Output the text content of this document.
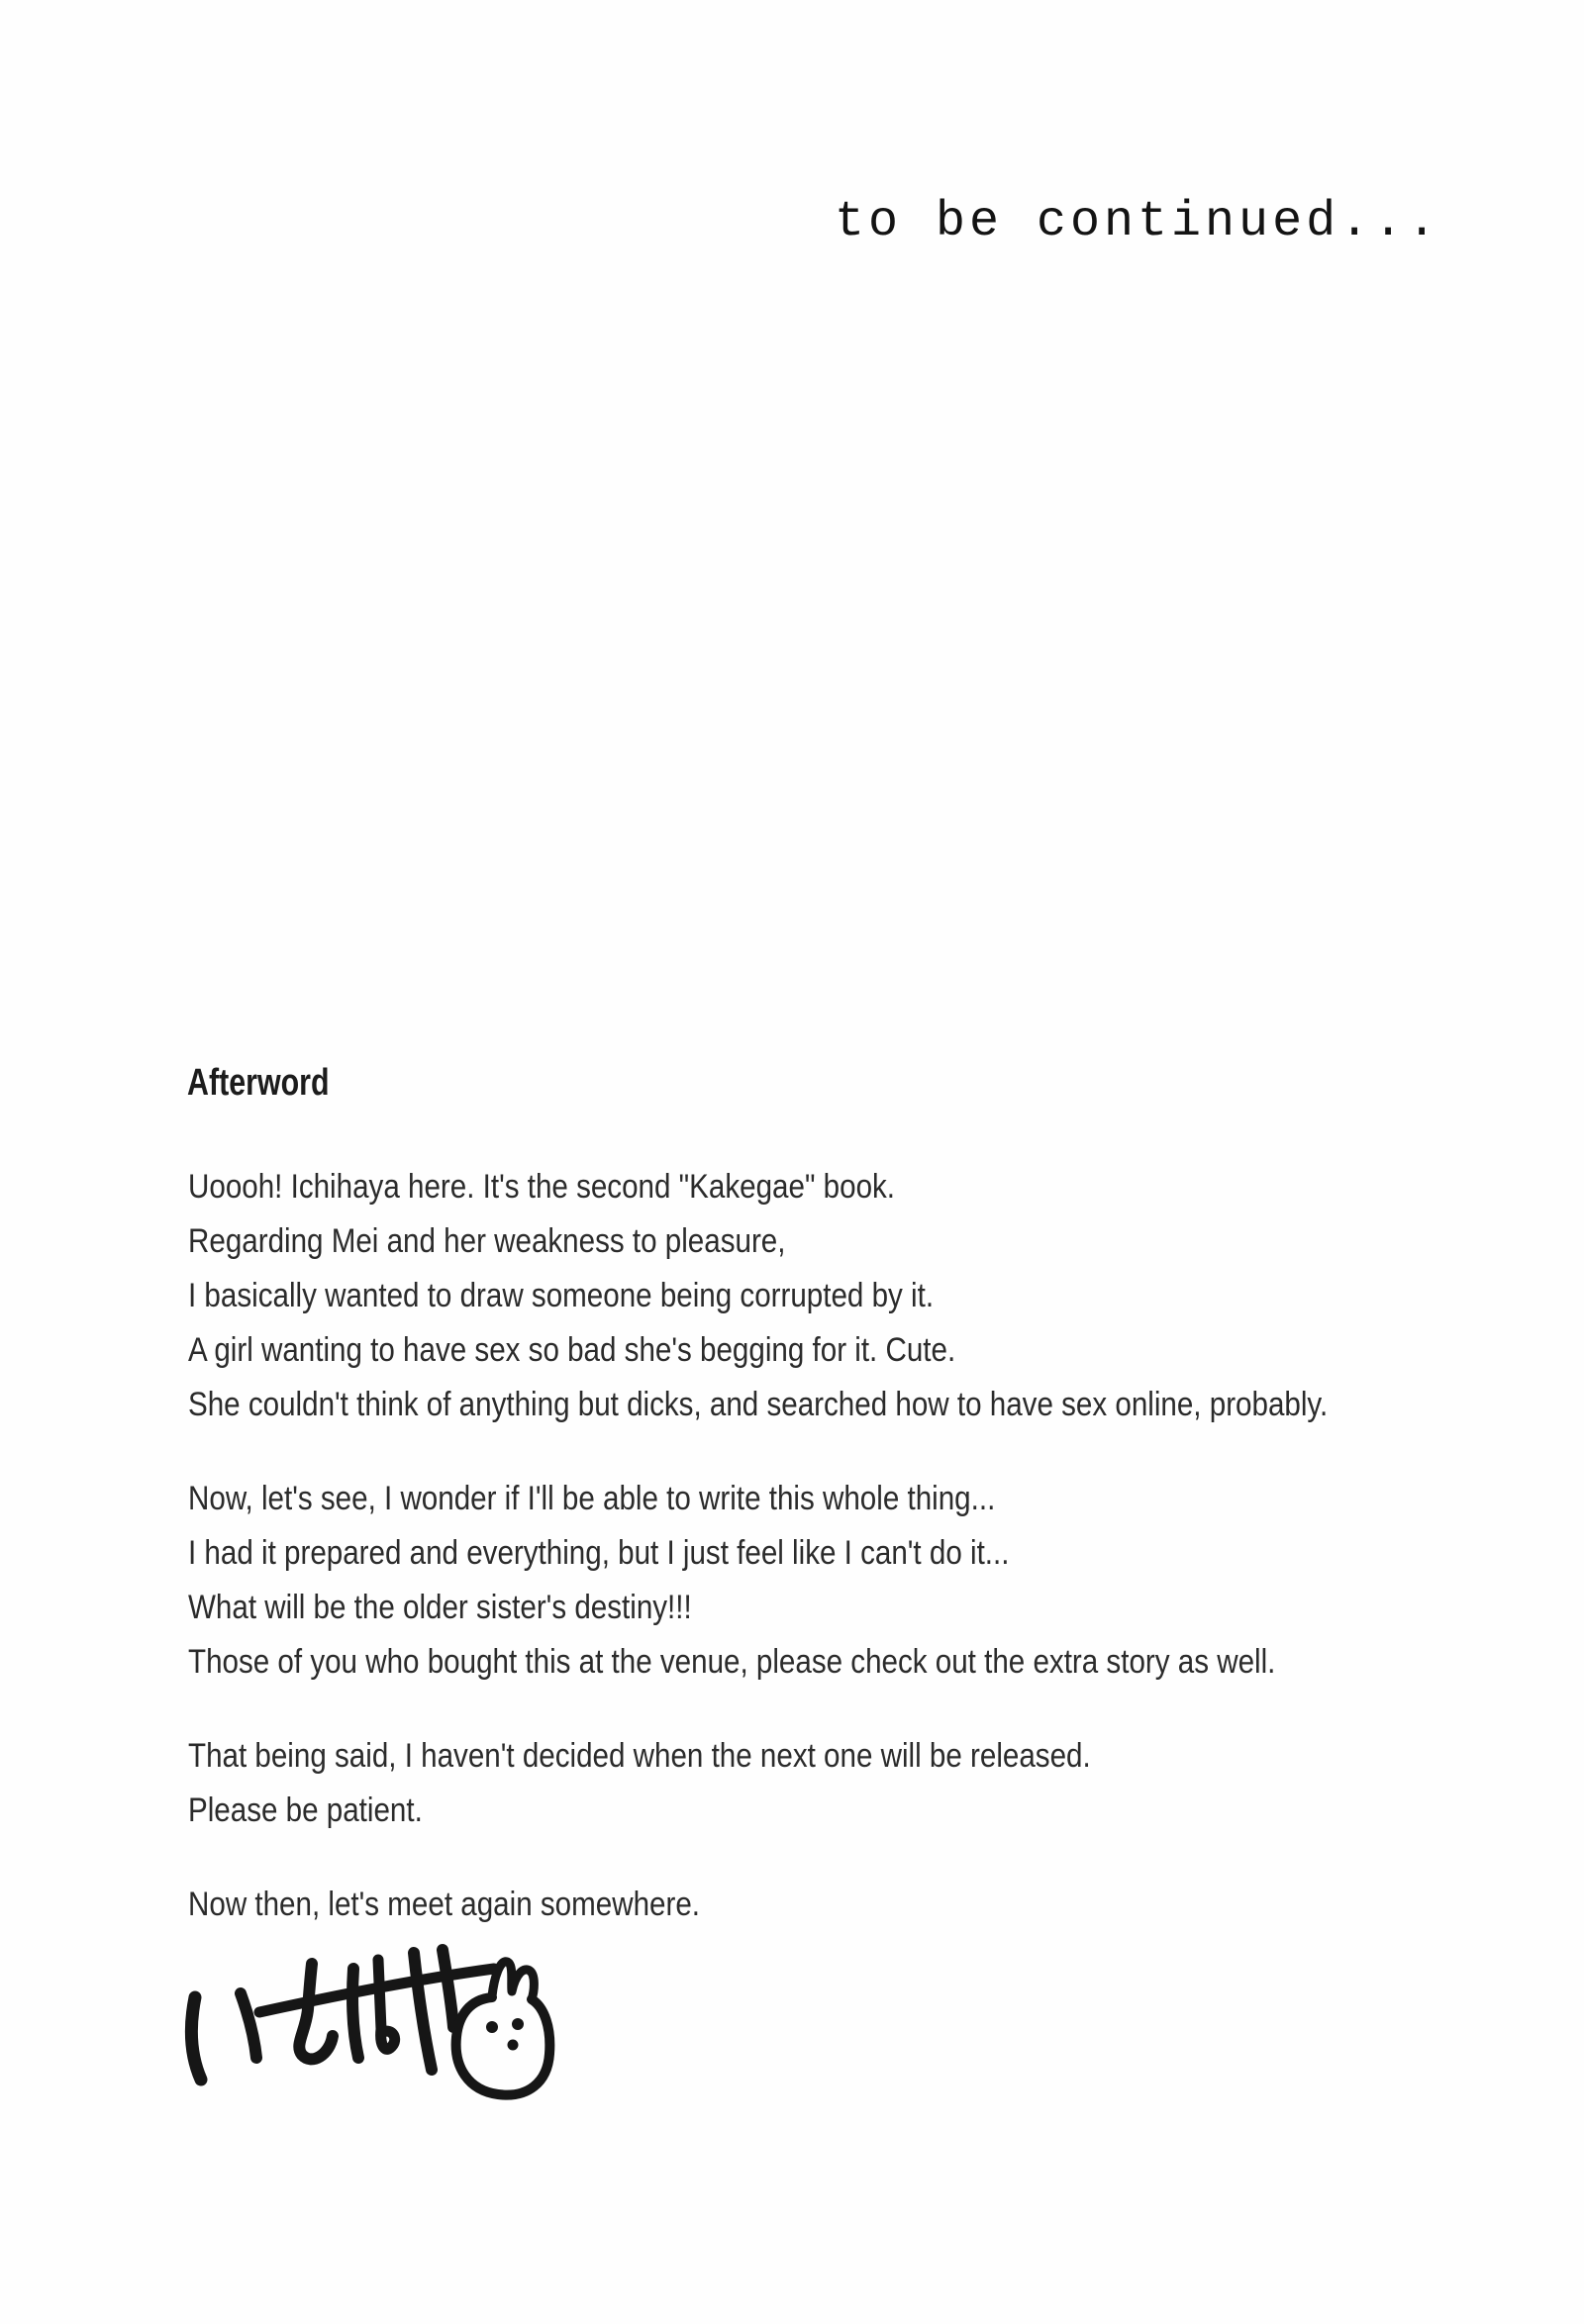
to be continued...
Afterword

Uoooh! Ichihaya here. It's the second "Kakegae" book.
Regarding Mei and her weakness to pleasure,
I basically wanted to draw someone being corrupted by it.
A girl wanting to have sex so bad she's begging for it. Cute.
She couldn't think of anything but dicks, and searched how to have sex online, probably.

Now, let's see, I wonder if I'll be able to write this whole thing...
I had it prepared and everything, but I just feel like I can't do it...
What will be the older sister's destiny!!!
Those of you who bought this at the venue, please check out the extra story as well.

That being said, I haven't decided when the next one will be released.
Please be patient.

Now then, let's meet again somewhere.
